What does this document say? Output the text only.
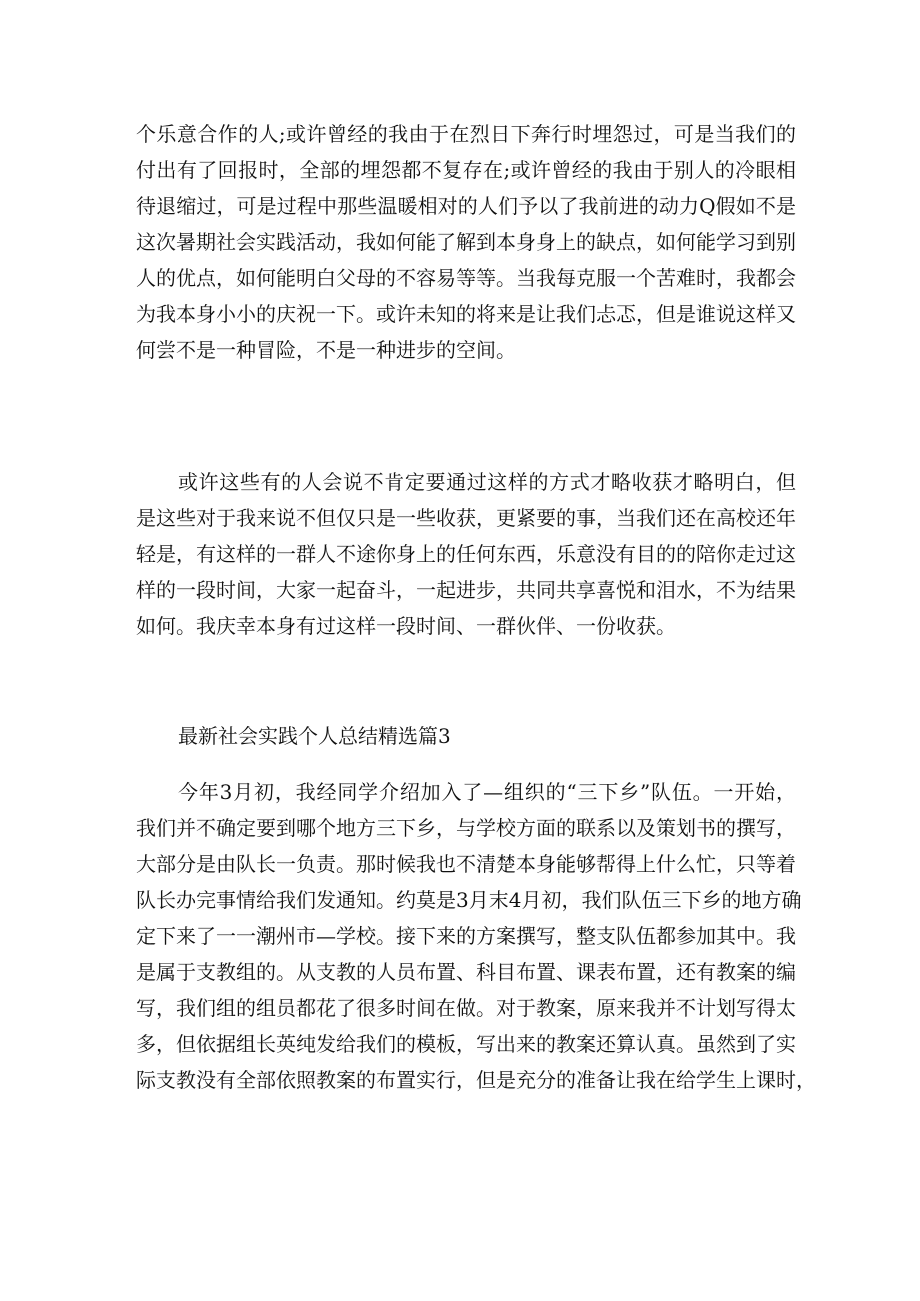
个乐意合作的人;或许曾经的我由于在烈日下奔行时埋怨过，可是当我们的
付出有了回报时，全部的埋怨都不复存在;或许曾经的我由于别人的冷眼相
待退缩过，可是过程中那些温暖相对的人们予以了我前进的动力Q假如不是
这次暑期社会实践活动，我如何能了解到本身身上的缺点，如何能学习到别
人的优点，如何能明白父母的不容易等等。当我每克服一个苦难时，我都会
为我本身小小的庆祝一下。或许未知的将来是让我们忐忑，但是谁说这样又
何尝不是一种冒险，不是一种进步的空间。
或许这些有的人会说不肯定要通过这样的方式才略收获才略明白，但
是这些对于我来说不但仅只是一些收获，更紧要的事，当我们还在高校还年
轻是，有这样的一群人不途你身上的任何东西，乐意没有目的的陪你走过这
样的一段时间，大家一起奋斗，一起进步，共同共享喜悦和泪水，不为结果
如何。我庆幸本身有过这样一段时间、一群伙伴、一份收获。
最新社会实践个人总结精选篇3
今年3月初，我经同学介绍加入了—组织的“三下乡”队伍。一开始，
我们并不确定要到哪个地方三下乡，与学校方面的联系以及策划书的撰写，
大部分是由队长一负责。那时候我也不清楚本身能够帮得上什么忙，只等着
队长办完事情给我们发通知。约莫是3月末4月初，我们队伍三下乡的地方确
定下来了一一潮州市—学校。接下来的方案撰写，整支队伍都参加其中。我
是属于支教组的。从支教的人员布置、科目布置、课表布置，还有教案的编
写，我们组的组员都花了很多时间在做。对于教案，原来我并不计划写得太
多，但依据组长英纯发给我们的模板，写出来的教案还算认真。虽然到了实
际支教没有全部依照教案的布置实行，但是充分的准备让我在给学生上课时，
